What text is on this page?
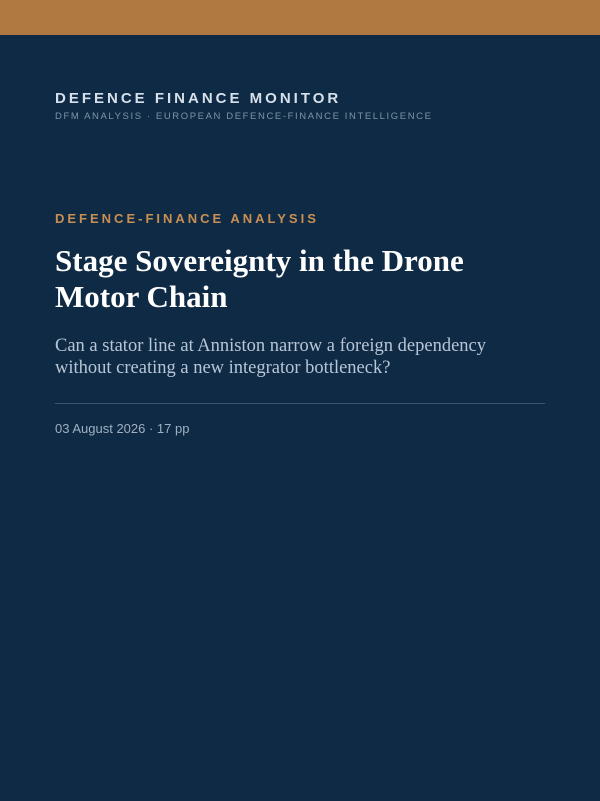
DEFENCE FINANCE MONITOR
DFM ANALYSIS · EUROPEAN DEFENCE-FINANCE INTELLIGENCE
DEFENCE-FINANCE ANALYSIS
Stage Sovereignty in the Drone Motor Chain

Can a stator line at Anniston narrow a foreign dependency without creating a new integrator bottleneck?

03 August 2026 · 17 pp
